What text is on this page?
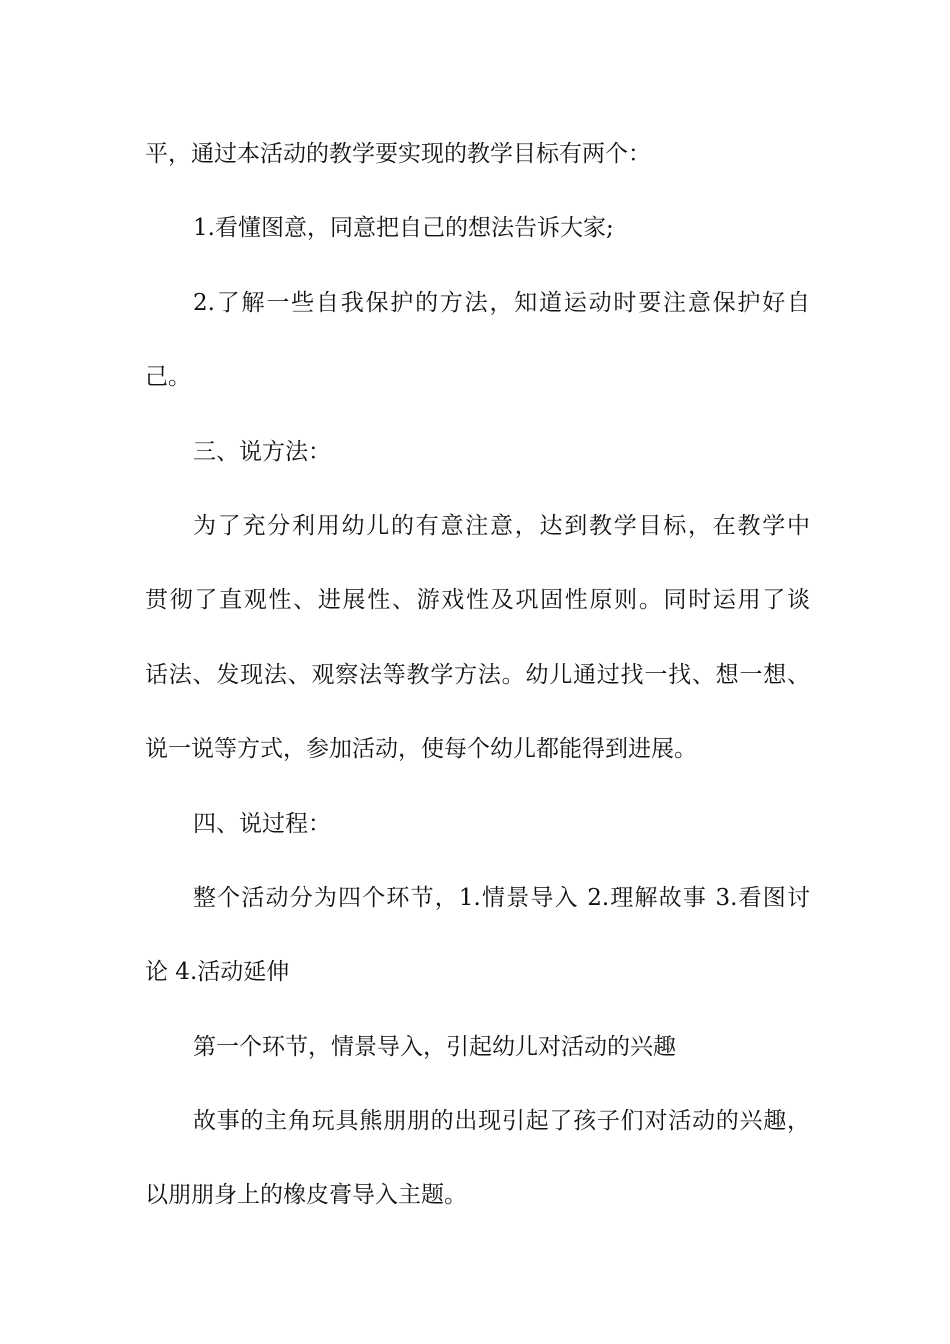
平，通过本活动的教学要实现的教学目标有两个：
1.看懂图意，同意把自己的想法告诉大家;
2.了解一些自我保护的方法，知道运动时要注意保护好自
己。
三、说方法：
为了充分利用幼儿的有意注意，达到教学目标，在教学中
贯彻了直观性、进展性、游戏性及巩固性原则。同时运用了谈
话法、发现法、观察法等教学方法。幼儿通过找一找、想一想、
说一说等方式，参加活动，使每个幼儿都能得到进展。
四、说过程：
整个活动分为四个环节，1.情景导入 2.理解故事 3.看图讨
论 4.活动延伸
第一个环节，情景导入，引起幼儿对活动的兴趣
故事的主角玩具熊朋朋的出现引起了孩子们对活动的兴趣，
以朋朋身上的橡皮膏导入主题。
